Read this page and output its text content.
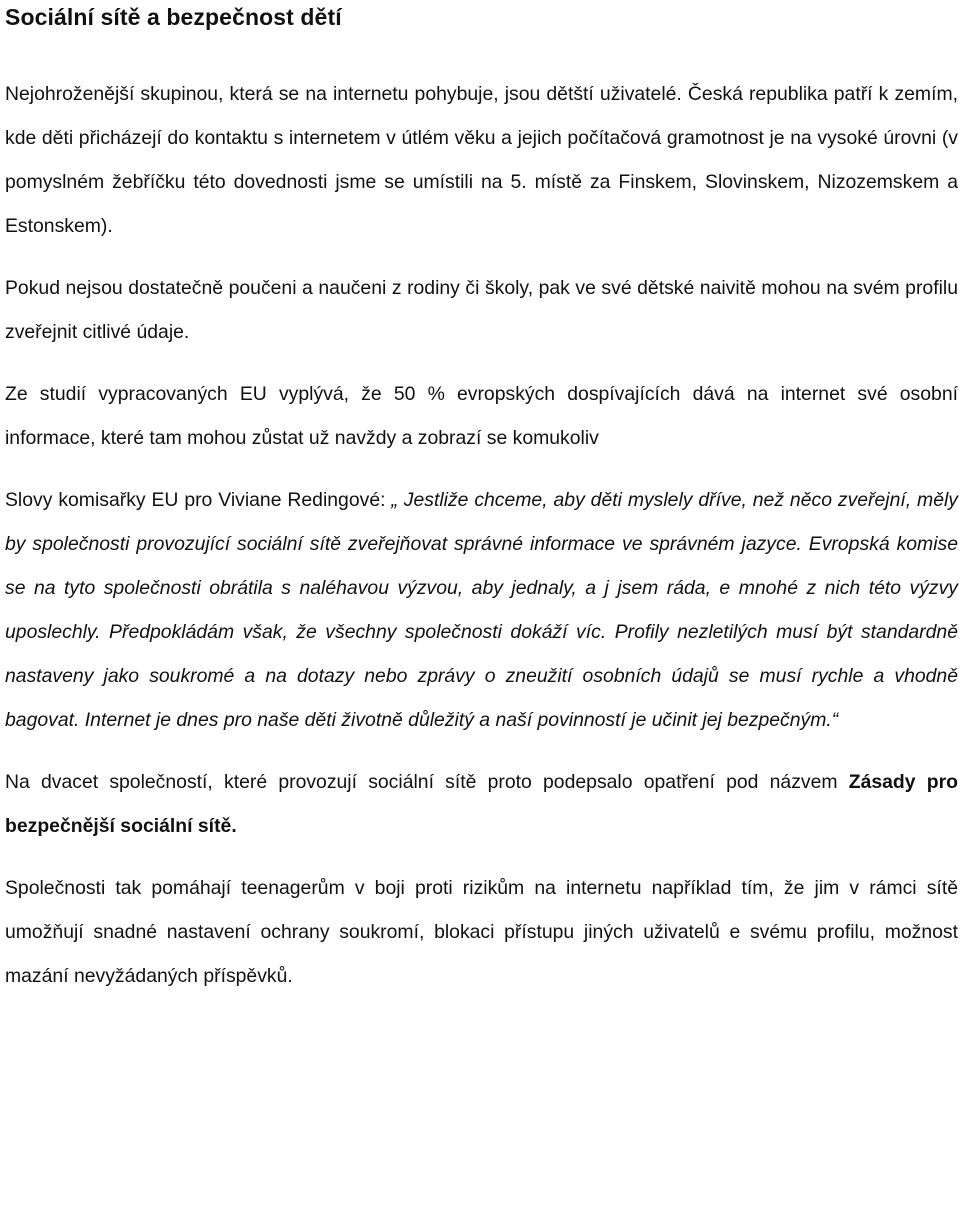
Sociální sítě a bezpečnost dětí

Nejohroženější skupinou, která se na internetu pohybuje, jsou dětští uživatelé. Česká republika patří k zemím, kde děti přicházejí do kontaktu s internetem v útlém věku a jejich počítačová gramotnost je na vysoké úrovni (v pomyslném žebříčku této dovednosti jsme se umístili na 5. místě za Finskem, Slovinskem, Nizozemskem a Estonskem).

Pokud nejsou dostatečně poučeni a naučeni z rodiny či školy, pak ve své dětské naivitě mohou na svém profilu zveřejnit citlivé údaje.

Ze studií vypracovaných EU vyplývá, že 50 % evropských dospívajících dává na internet své osobní informace, které tam mohou zůstat už navždy a zobrazí se komukoliv

Slovy komisařky EU pro Viviane Redingové: „ Jestliže chceme, aby děti myslely dříve, než něco zveřejní, měly by společnosti provozující sociální sítě zveřejňovat správné informace ve správném jazyce. Evropská komise se na tyto společnosti obrátila s naléhavou výzvou, aby jednaly, a j jsem ráda, e mnohé z nich této výzvy uposlechly. Předpokládám však, že všechny společnosti dokáží víc. Profily nezletilých musí být standardně nastaveny jako soukromé a na dotazy nebo zprávy o zneužití osobních údajů se musí rychle a vhodně bagovat. Internet je dnes pro naše děti životně důležitý a naší povinností je učinit jej bezpečným.“

Na dvacet společností, které provozují sociální sítě proto podepsalo opatření pod názvem Zásady pro bezpečnější sociální sítě.

Společnosti tak pomáhají teenagerům v boji proti rizikům na internetu například tím, že jim v rámci sítě umožňují snadné nastavení ochrany soukromí, blokaci přístupu jiných uživatelů e svému profilu, možnost mazání nevyžádaných příspěvků.
